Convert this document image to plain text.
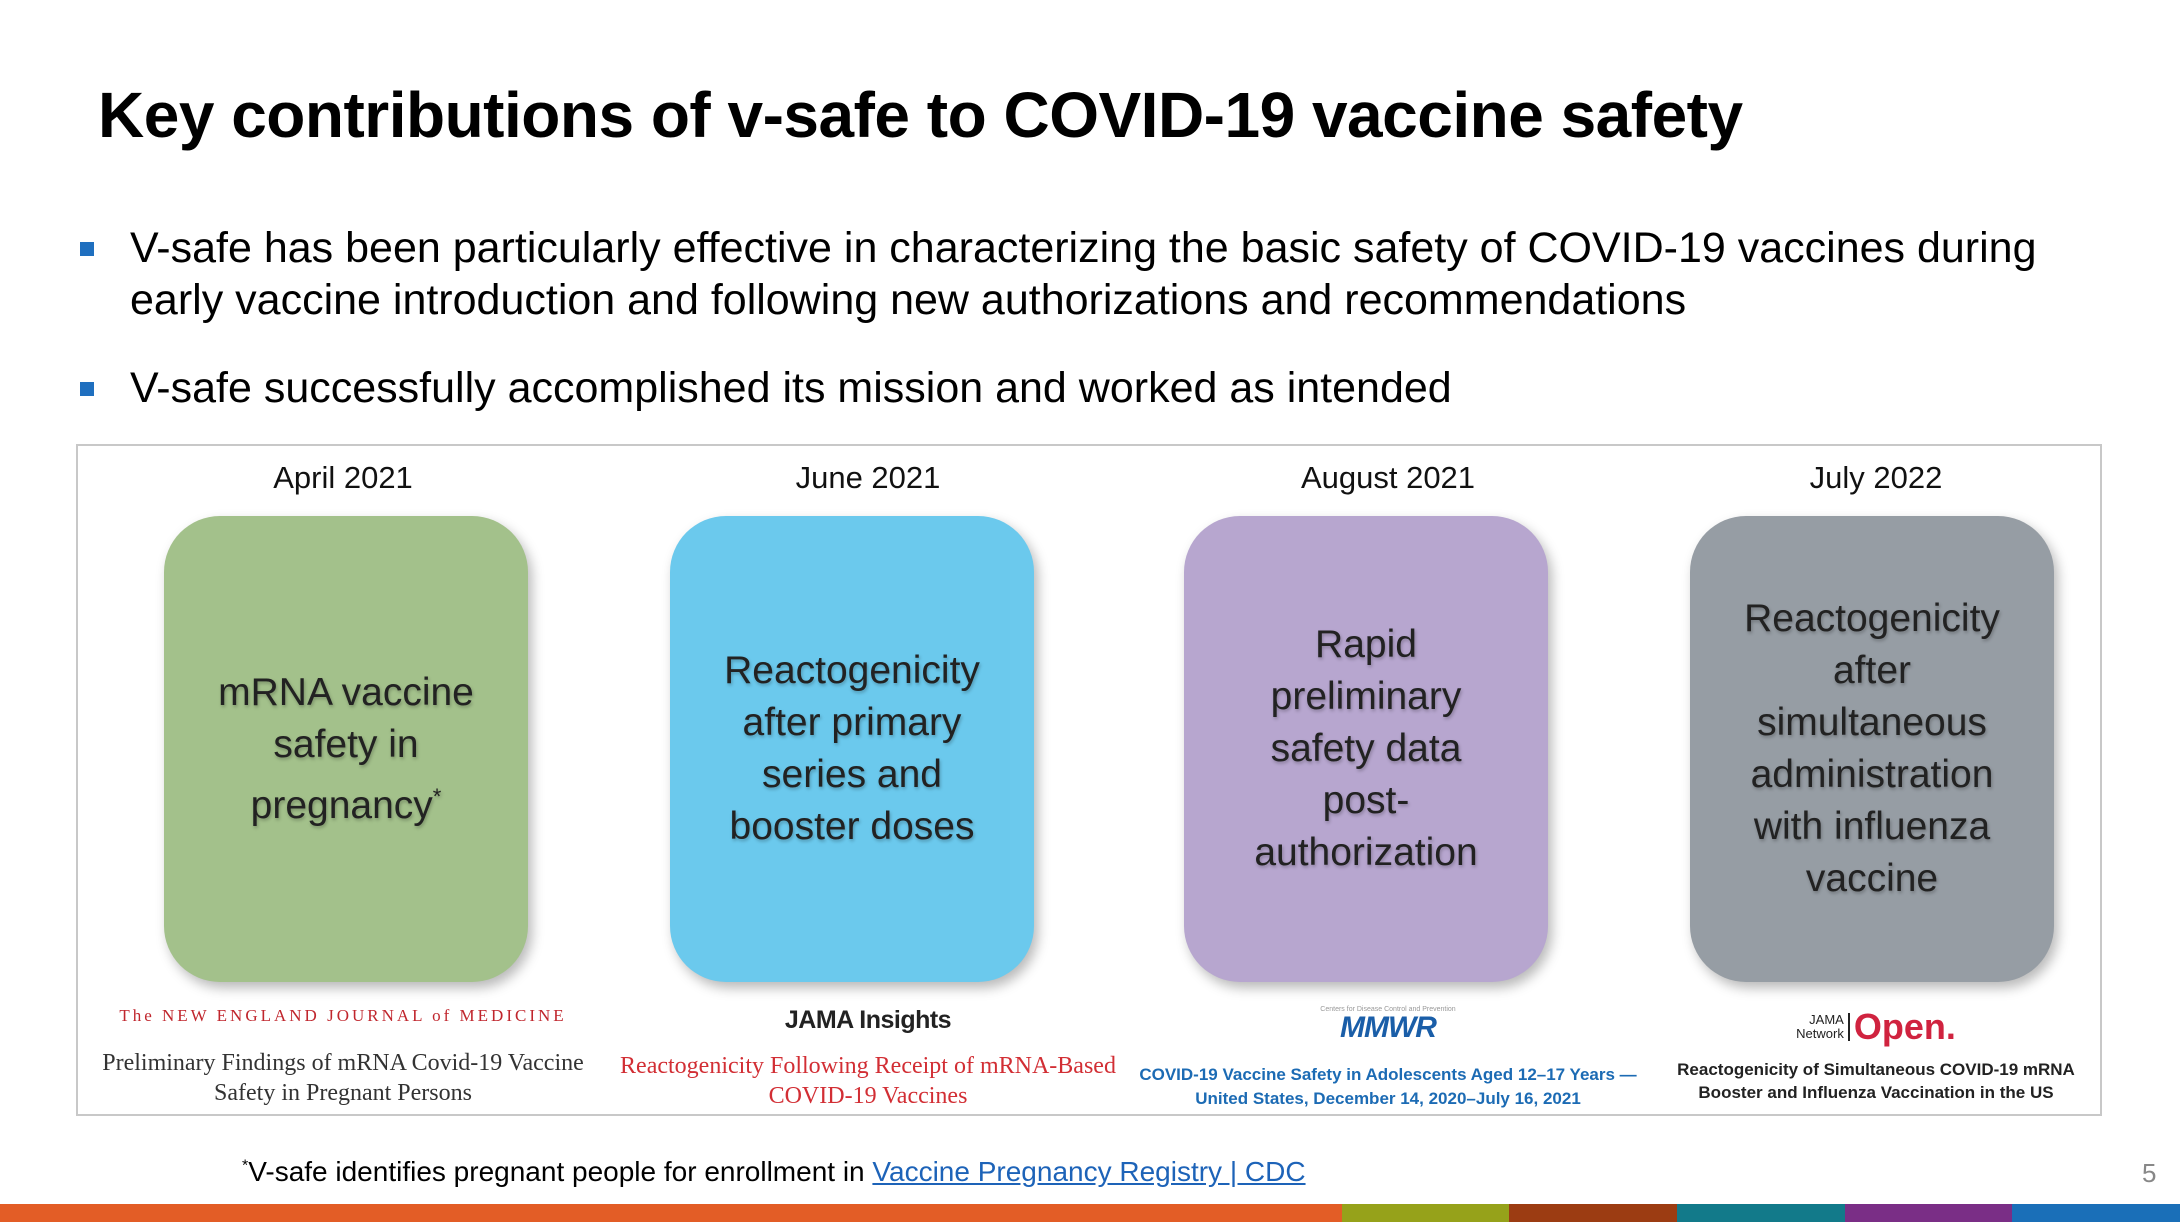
Key contributions of v-safe to COVID-19 vaccine safety
V-safe has been particularly effective in characterizing the basic safety of COVID-19 vaccines during early vaccine introduction and following new authorizations and recommendations
V-safe successfully accomplished its mission and worked as intended
April 2021
mRNA vaccine
safety in
pregnancy*
The NEW ENGLAND JOURNAL of MEDICINE
Preliminary Findings of mRNA Covid-19 Vaccine Safety in Pregnant Persons
June 2021
Reactogenicity
after primary
series and
booster doses
JAMA Insights
Reactogenicity Following Receipt of mRNA-Based COVID-19 Vaccines
August 2021
Rapid
preliminary
safety data
post-
authorization
Centers for Disease Control and Prevention
MMWR
COVID-19 Vaccine Safety in Adolescents Aged 12–17 Years — United States, December 14, 2020–July 16, 2021
July 2022
Reactogenicity
after
simultaneous
administration
with influenza
vaccine
JAMA
Network Open.
Reactogenicity of Simultaneous COVID-19 mRNA Booster and Influenza Vaccination in the US
*V-safe identifies pregnant people for enrollment in Vaccine Pregnancy Registry | CDC	5
